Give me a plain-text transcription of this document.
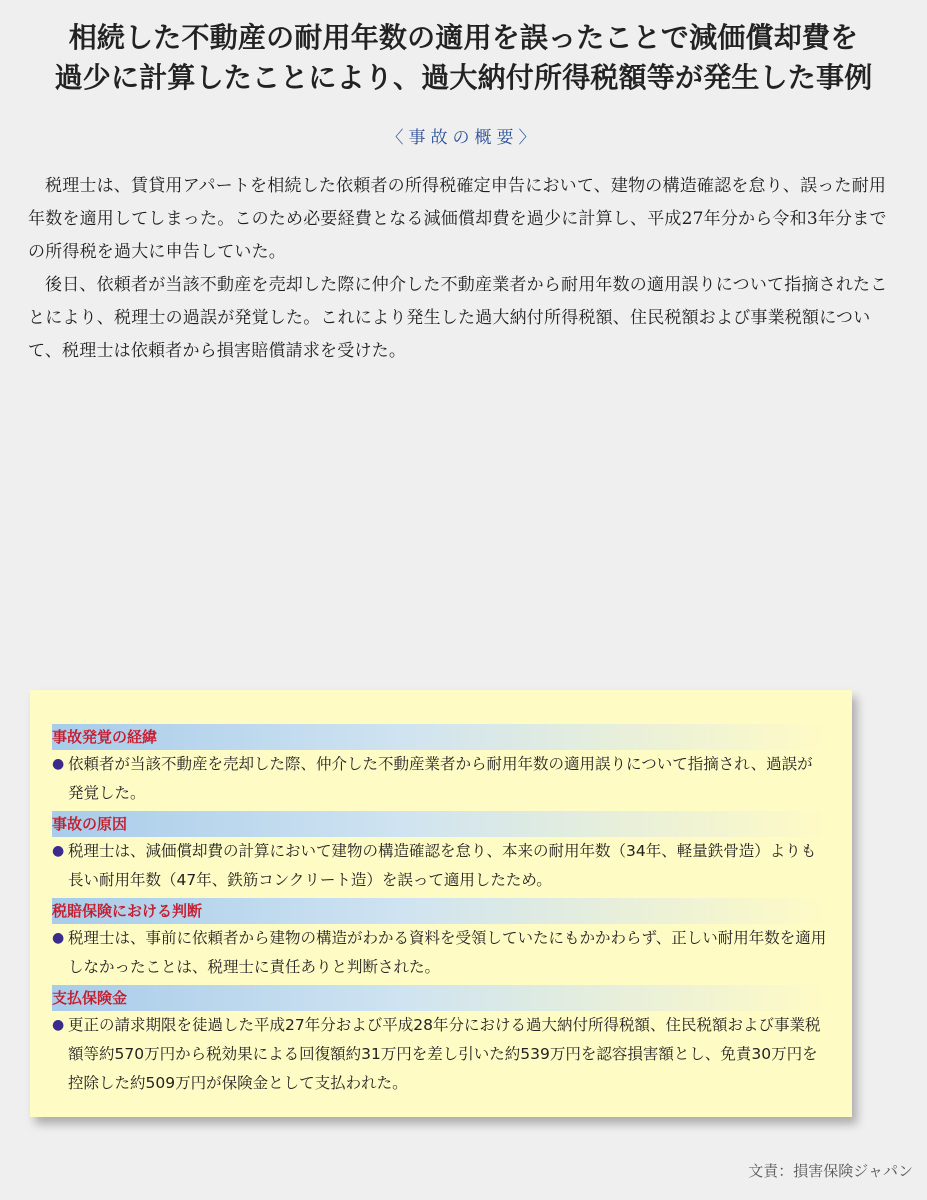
相続した不動産の耐用年数の適用を誤ったことで減価償却費を
過少に計算したことにより、過大納付所得税額等が発生した事例
〈事故の概要〉

税理士は、賃貸用アパートを相続した依頼者の所得税確定申告において、建物の構造確認を怠り、誤った耐用年数を適用してしまった。このため必要経費となる減価償却費を過少に計算し、平成27年分から令和3年分までの所得税を過大に申告していた。

後日、依頼者が当該不動産を売却した際に仲介した不動産業者から耐用年数の適用誤りについて指摘されたことにより、税理士の過誤が発覚した。これにより発生した過大納付所得税額、住民税額および事業税額について、税理士は依頼者から損害賠償請求を受けた。

事故発覚の経緯
● 依頼者が当該不動産を売却した際、仲介した不動産業者から耐用年数の適用誤りについて指摘され、過誤が発覚した。
事故の原因
● 税理士は、減価償却費の計算において建物の構造確認を怠り、本来の耐用年数（34年、軽量鉄骨造）よりも長い耐用年数（47年、鉄筋コンクリート造）を誤って適用したため。
税賠保険における判断
● 税理士は、事前に依頼者から建物の構造がわかる資料を受領していたにもかかわらず、正しい耐用年数を適用しなかったことは、税理士に責任ありと判断された。
支払保険金
● 更正の請求期限を徒過した平成27年分および平成28年分における過大納付所得税額、住民税額および事業税額等約570万円から税効果による回復額約31万円を差し引いた約539万円を認容損害額とし、免責30万円を控除した約509万円が保険金として支払われた。
文責：損害保険ジャパン
